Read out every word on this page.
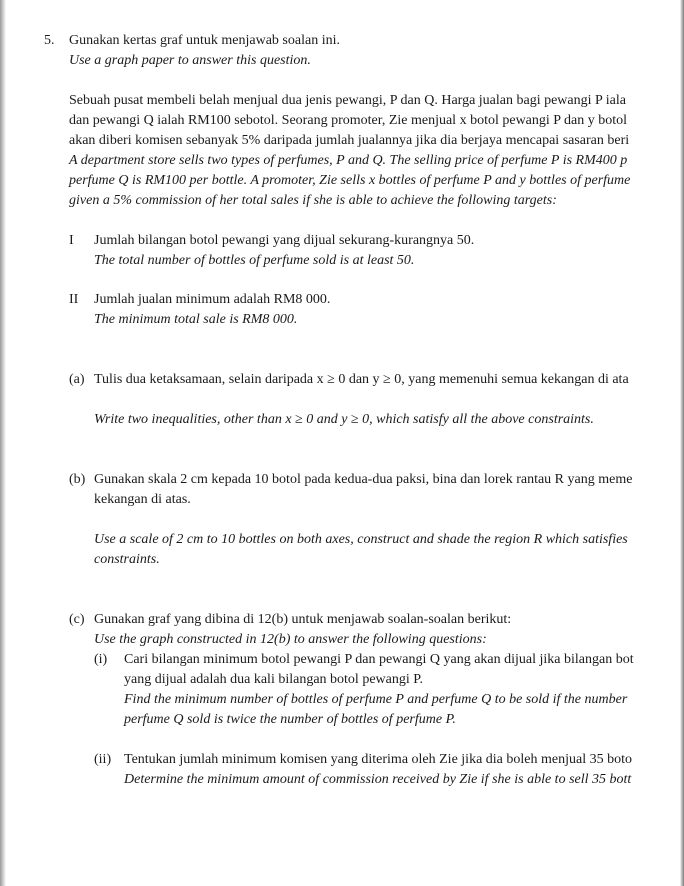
5. Gunakan kertas graf untuk menjawab soalan ini.
Use a graph paper to answer this question.
Sebuah pusat membeli belah menjual dua jenis pewangi, P dan Q. Harga jualan bagi pewangi P iala
dan pewangi Q ialah RM100 sebotol. Seorang promoter, Zie menjual x botol pewangi P dan y botol
akan diberi komisen sebanyak 5% daripada jumlah jualannya jika dia berjaya mencapai sasaran beri
A department store sells two types of perfumes, P and Q. The selling price of perfume P is RM400 p
perfume Q is RM100 per bottle. A promoter, Zie sells x bottles of perfume P and y bottles of perfume
given a 5% commission of her total sales if she is able to achieve the following targets:
I Jumlah bilangan botol pewangi yang dijual sekurang-kurangnya 50.
The total number of bottles of perfume sold is at least 50.
II Jumlah jualan minimum adalah RM8 000.
The minimum total sale is RM8 000.
(a) Tulis dua ketaksamaan, selain daripada x ≥ 0 dan y ≥ 0, yang memenuhi semua kekangan di ata
Write two inequalities, other than x ≥ 0 and y ≥ 0, which satisfy all the above constraints.
(b) Gunakan skala 2 cm kepada 10 botol pada kedua-dua paksi, bina dan lorek rantau R yang meme
kekangan di atas.
Use a scale of 2 cm to 10 bottles on both axes, construct and shade the region R which satisfies
constraints.
(c) Gunakan graf yang dibina di 12(b) untuk menjawab soalan-soalan berikut:
Use the graph constructed in 12(b) to answer the following questions:
(i) Cari bilangan minimum botol pewangi P dan pewangi Q yang akan dijual jika bilangan bot
yang dijual adalah dua kali bilangan botol pewangi P.
Find the minimum number of bottles of perfume P and perfume Q to be sold if the number
perfume Q sold is twice the number of bottles of perfume P.
(ii) Tentukan jumlah minimum komisen yang diterima oleh Zie jika dia boleh menjual 35 boto
Determine the minimum amount of commission received by Zie if she is able to sell 35 bott
